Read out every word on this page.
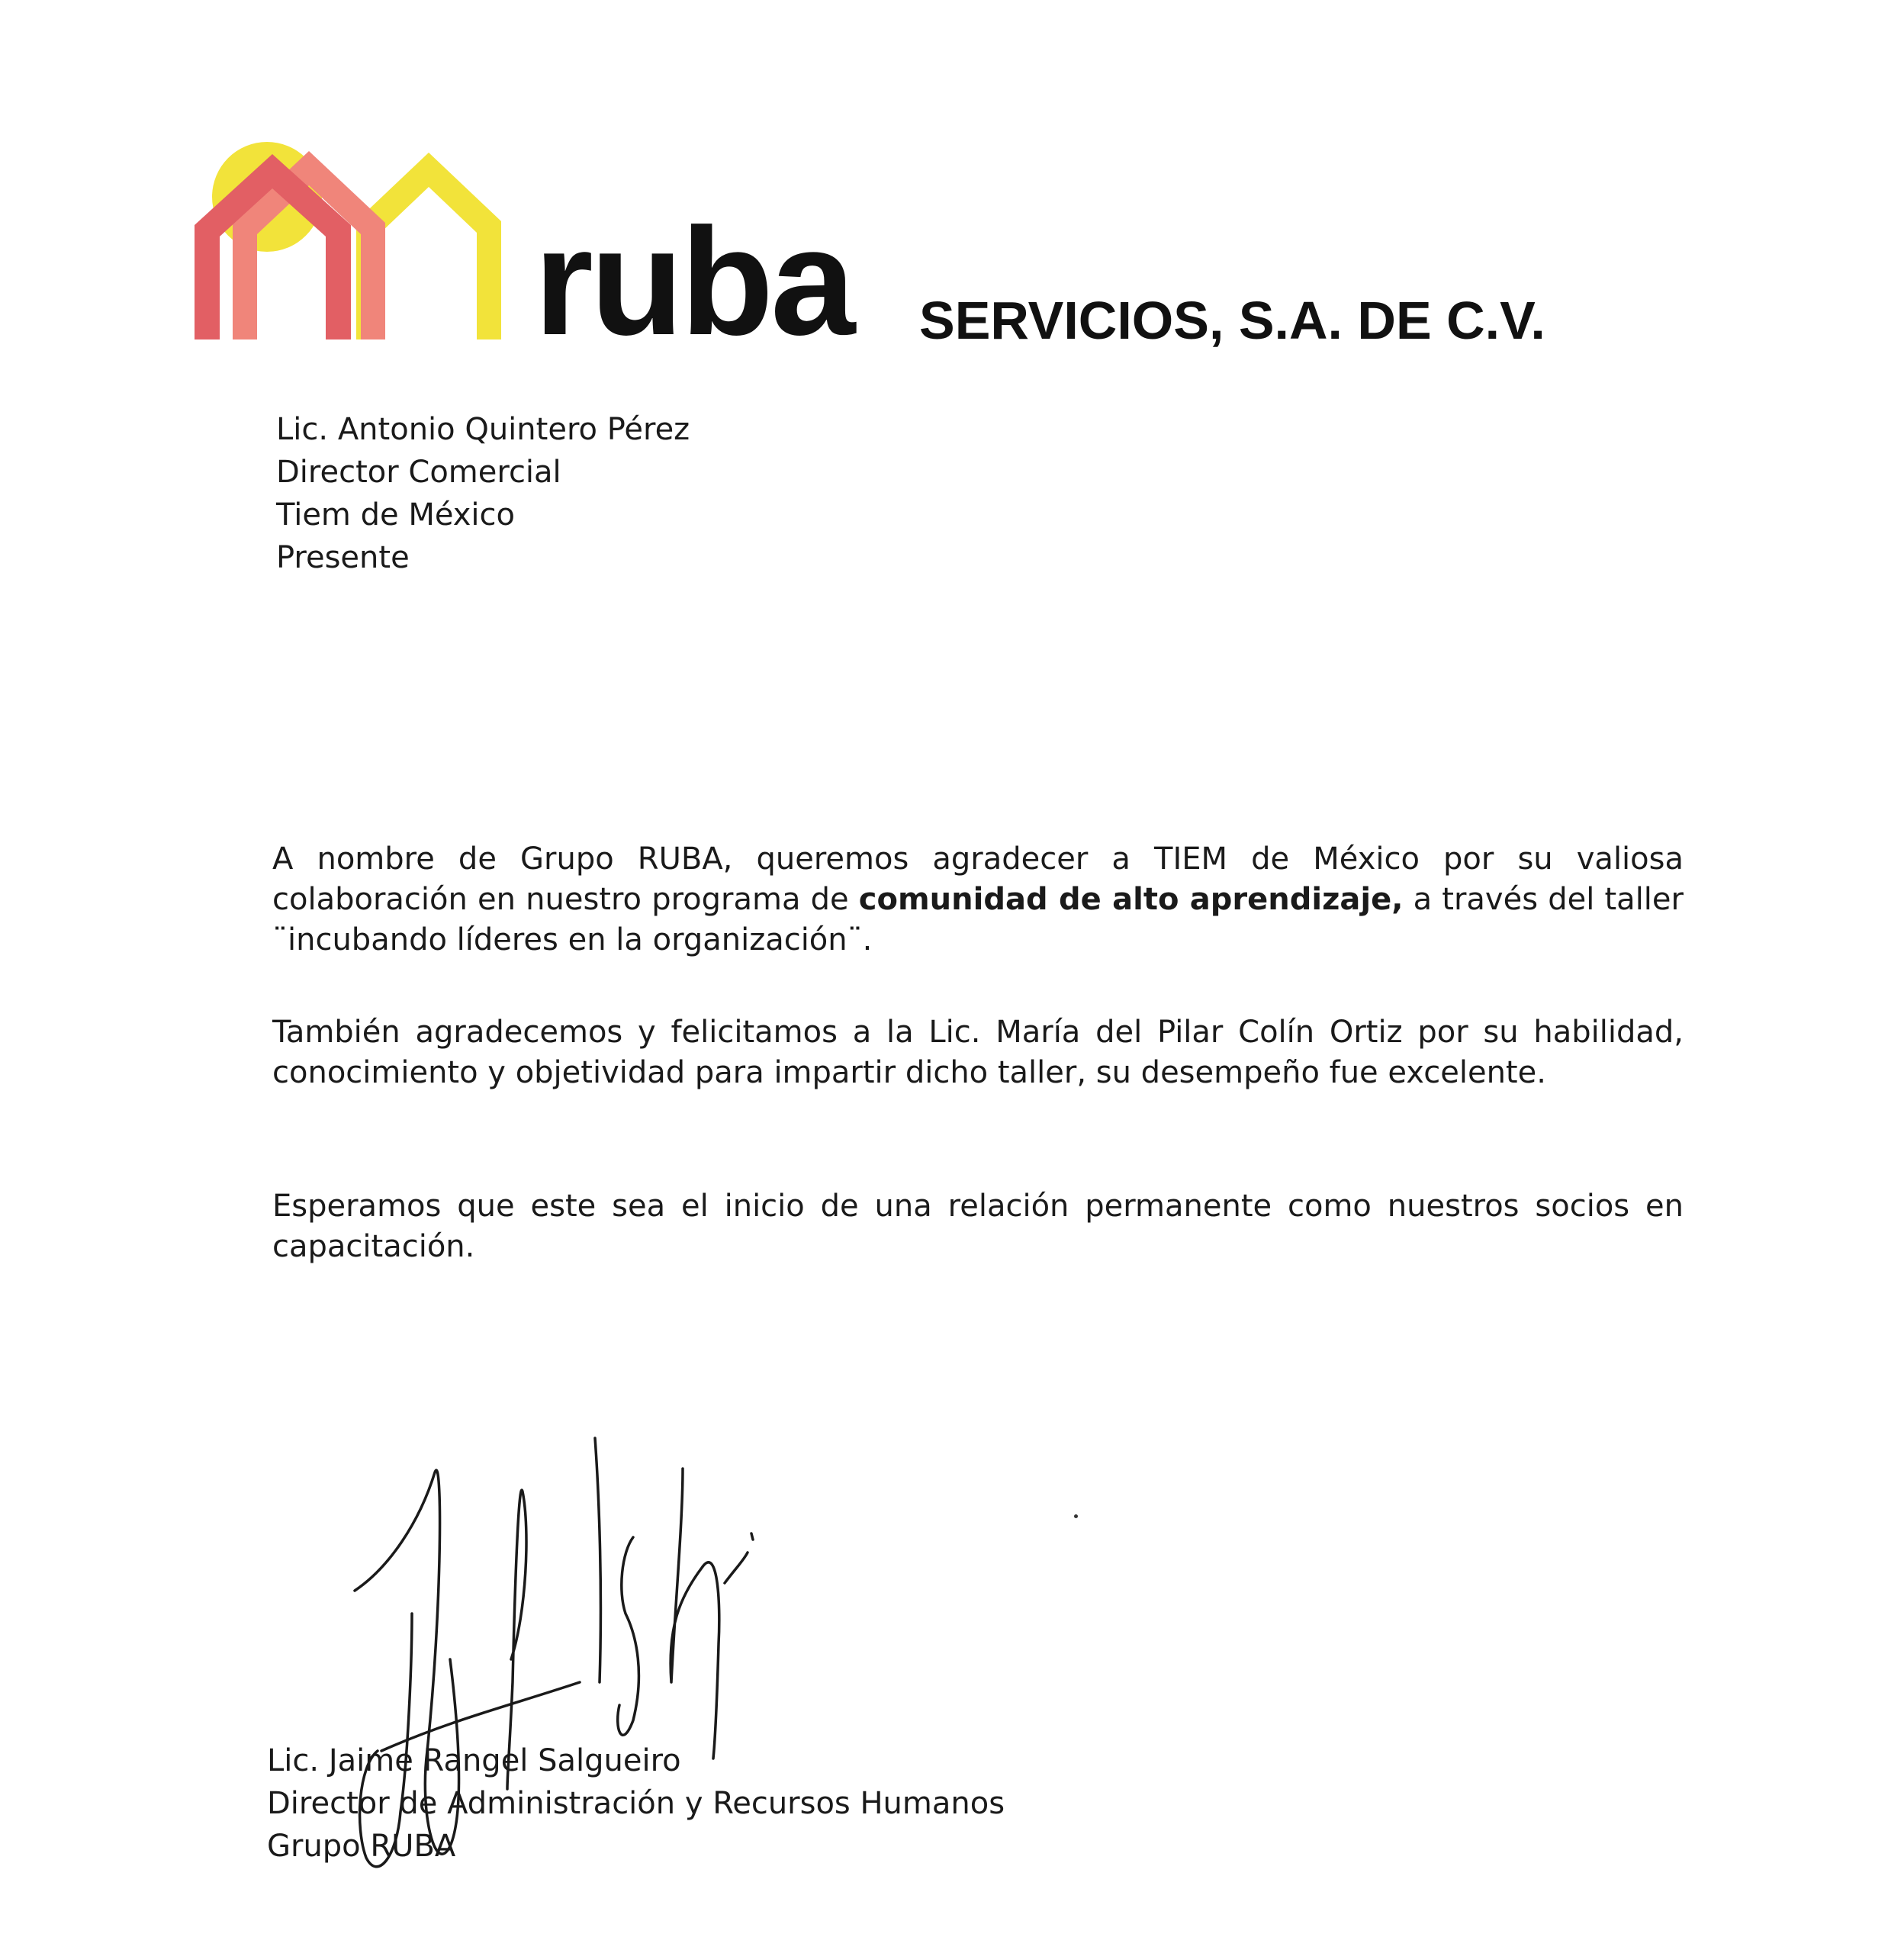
ruba SERVICIOS, S.A. DE C.V.
Lic. Antonio Quintero Pérez
Director Comercial
Tiem de México
Presente

A nombre de Grupo RUBA, queremos agradecer a TIEM de México por su valiosa colaboración en nuestro programa de comunidad de alto aprendizaje, a través del taller ¨incubando líderes en la organización¨.

También agradecemos y felicitamos a la Lic. María del Pilar Colín Ortiz por su habilidad, conocimiento y objetividad para impartir dicho taller, su desempeño fue excelente.

Esperamos que este sea el inicio de una relación permanente como nuestros socios en capacitación.

Lic. Jaime Rangel Salgueiro
Director de Administración y Recursos Humanos
Grupo RUBA
